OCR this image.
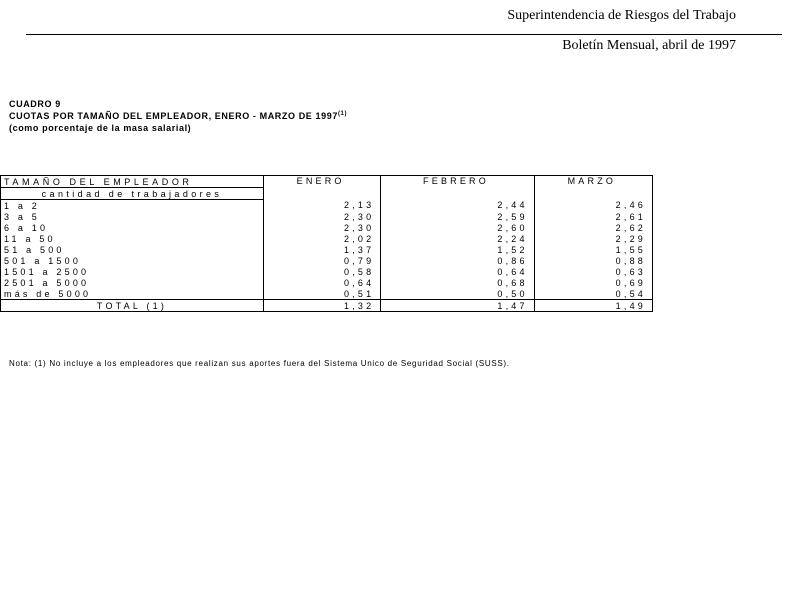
Superintendencia de Riesgos del Trabajo
Boletín Mensual, abril de 1997
CUADRO 9
CUOTAS POR TAMAÑO DEL EMPLEADOR, ENERO - MARZO DE 1997$^{(1)}$
(como porcentaje de la masa salarial)
TAMAÑO DEL EMPLEADOR	ENERO	FEBRERO	MARZO
cantidad de trabajadores			
1 a 2	2,13	2,44	2,46
3 a 5	2,30	2,59	2,61
6 a 10	2,30	2,60	2,62
11 a 50	2,02	2,24	2,29
51 a 500	1,37	1,52	1,55
501 a 1500	0,79	0,86	0,88
1501 a 2500	0,58	0,64	0,63
2501 a 5000	0,64	0,68	0,69
más de 5000	0,51	0,50	0,54
TOTAL (1)	1,32	1,47	1,49
Nota: (1) No incluye a los empleadores que realizan sus aportes fuera del Sistema Unico de Seguridad Social (SUSS).
